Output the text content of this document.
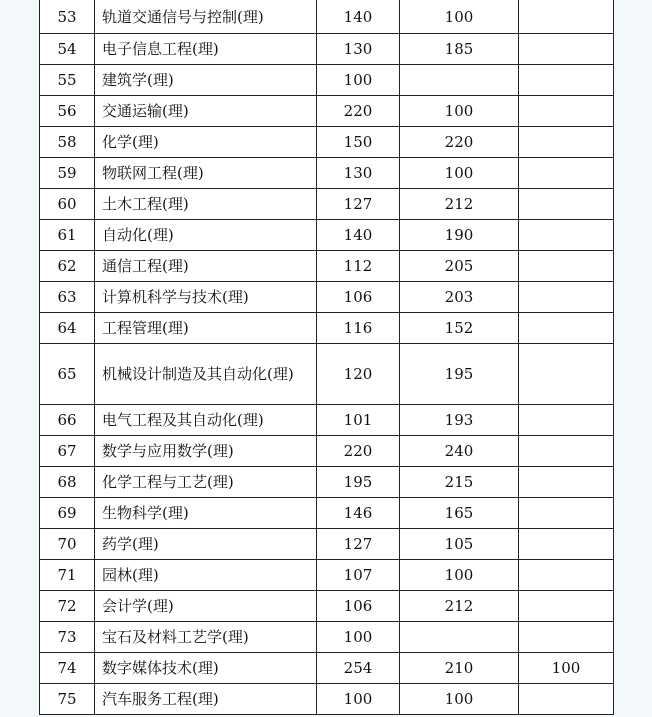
53	轨道交通信号与控制(理)	140	100	
54	电子信息工程(理)	130	185	
55	建筑学(理)	100		
56	交通运输(理)	220	100	
58	化学(理)	150	220	
59	物联网工程(理)	130	100	
60	土木工程(理)	127	212	
61	自动化(理)	140	190	
62	通信工程(理)	112	205	
63	计算机科学与技术(理)	106	203	
64	工程管理(理)	116	152	
65	机械设计制造及其自动化(理)	120	195	
66	电气工程及其自动化(理)	101	193	
67	数学与应用数学(理)	220	240	
68	化学工程与工艺(理)	195	215	
69	生物科学(理)	146	165	
70	药学(理)	127	105	
71	园林(理)	107	100	
72	会计学(理)	106	212	
73	宝石及材料工艺学(理)	100		
74	数字媒体技术(理)	254	210	100
75	汽车服务工程(理)	100	100	
